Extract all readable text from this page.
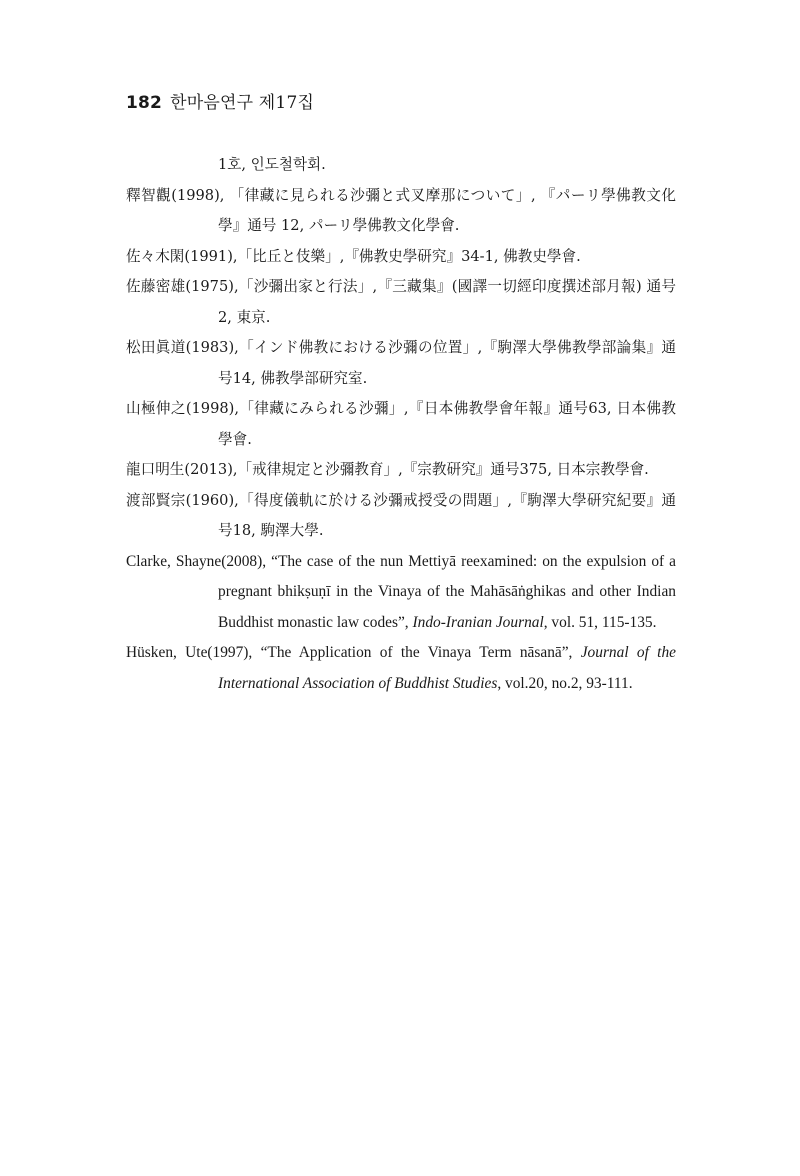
182 한마음연구 제17집

1호, 인도철학회.

釋智觀(1998), 「律藏に見られる沙彌と式叉摩那について」, 『パーリ學佛教文化學』通号 12, パーリ學佛教文化學會.

佐々木閑(1991),「比丘と伎樂」,『佛教史學研究』34-1, 佛教史學會.

佐藤密雄(1975),「沙彌出家と行法」,『三藏集』(國譯一切經印度撰述部月報) 通号 2, 東京.

松田眞道(1983),「インド佛教における沙彌の位置」,『駒澤大學佛教學部論集』通号14, 佛教學部研究室.

山極伸之(1998),「律藏にみられる沙彌」,『日本佛教學會年報』通号63, 日本佛教學會.

龍口明生(2013),「戒律規定と沙彌教育」,『宗教研究』通号375, 日本宗教學會.

渡部賢宗(1960),「得度儀軌に於ける沙彌戒授受の問題」,『駒澤大學研究紀要』通号18, 駒澤大學.

Clarke, Shayne(2008), “The case of the nun Mettiyā reexamined: on the expulsion of a pregnant bhikṣuṇī in the Vinaya of the Mahāsāṅghikas and other Indian Buddhist monastic law codes”, Indo-Iranian Journal, vol. 51, 115-135.

Hüsken, Ute(1997), “The Application of the Vinaya Term nāsanā”, Journal of the International Association of Buddhist Studies, vol.20, no.2, 93-111.
